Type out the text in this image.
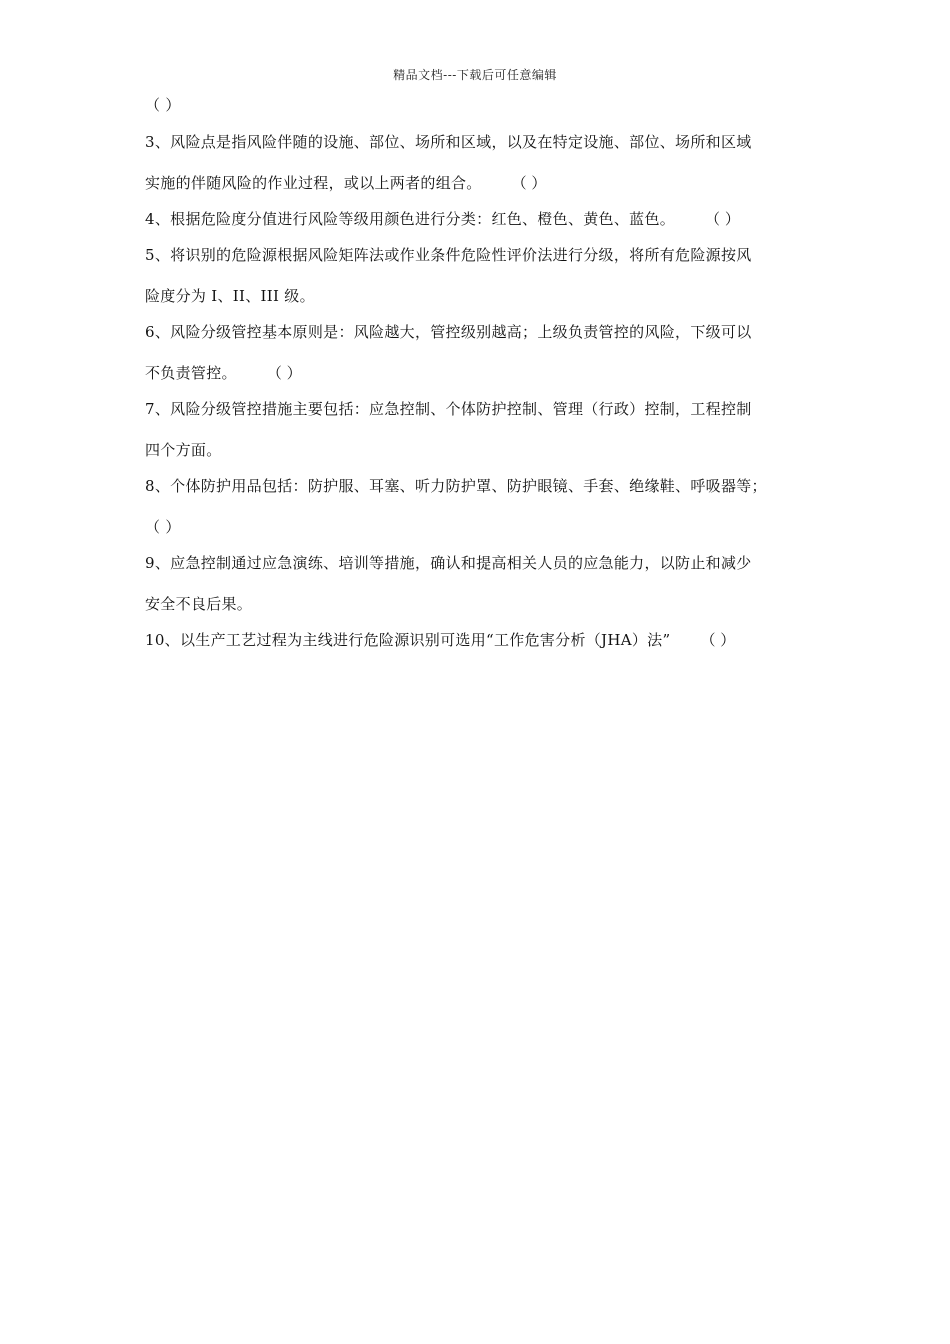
精品文档---下载后可任意编辑
（ ）
3、风险点是指风险伴随的设施、部位、场所和区域，以及在特定设施、部位、场所和区域
实施的伴随风险的作业过程，或以上两者的组合。 （ ）
4、根据危险度分值进行风险等级用颜色进行分类：红色、橙色、黄色、蓝色。 （ ）
5、将识别的危险源根据风险矩阵法或作业条件危险性评价法进行分级，将所有危险源按风
险度分为 I、II、III 级。
6、风险分级管控基本原则是：风险越大，管控级别越高；上级负责管控的风险，下级可以
不负责管控。 （ ）
7、风险分级管控措施主要包括：应急控制、个体防护控制、管理（行政）控制，工程控制
四个方面。
8、个体防护用品包括：防护服、耳塞、听力防护罩、防护眼镜、手套、绝缘鞋、呼吸器等；
（ ）
9、应急控制通过应急演练、培训等措施，确认和提高相关人员的应急能力，以防止和减少
安全不良后果。
10、以生产工艺过程为主线进行危险源识别可选用“工作危害分析（JHA）法” （ ）
